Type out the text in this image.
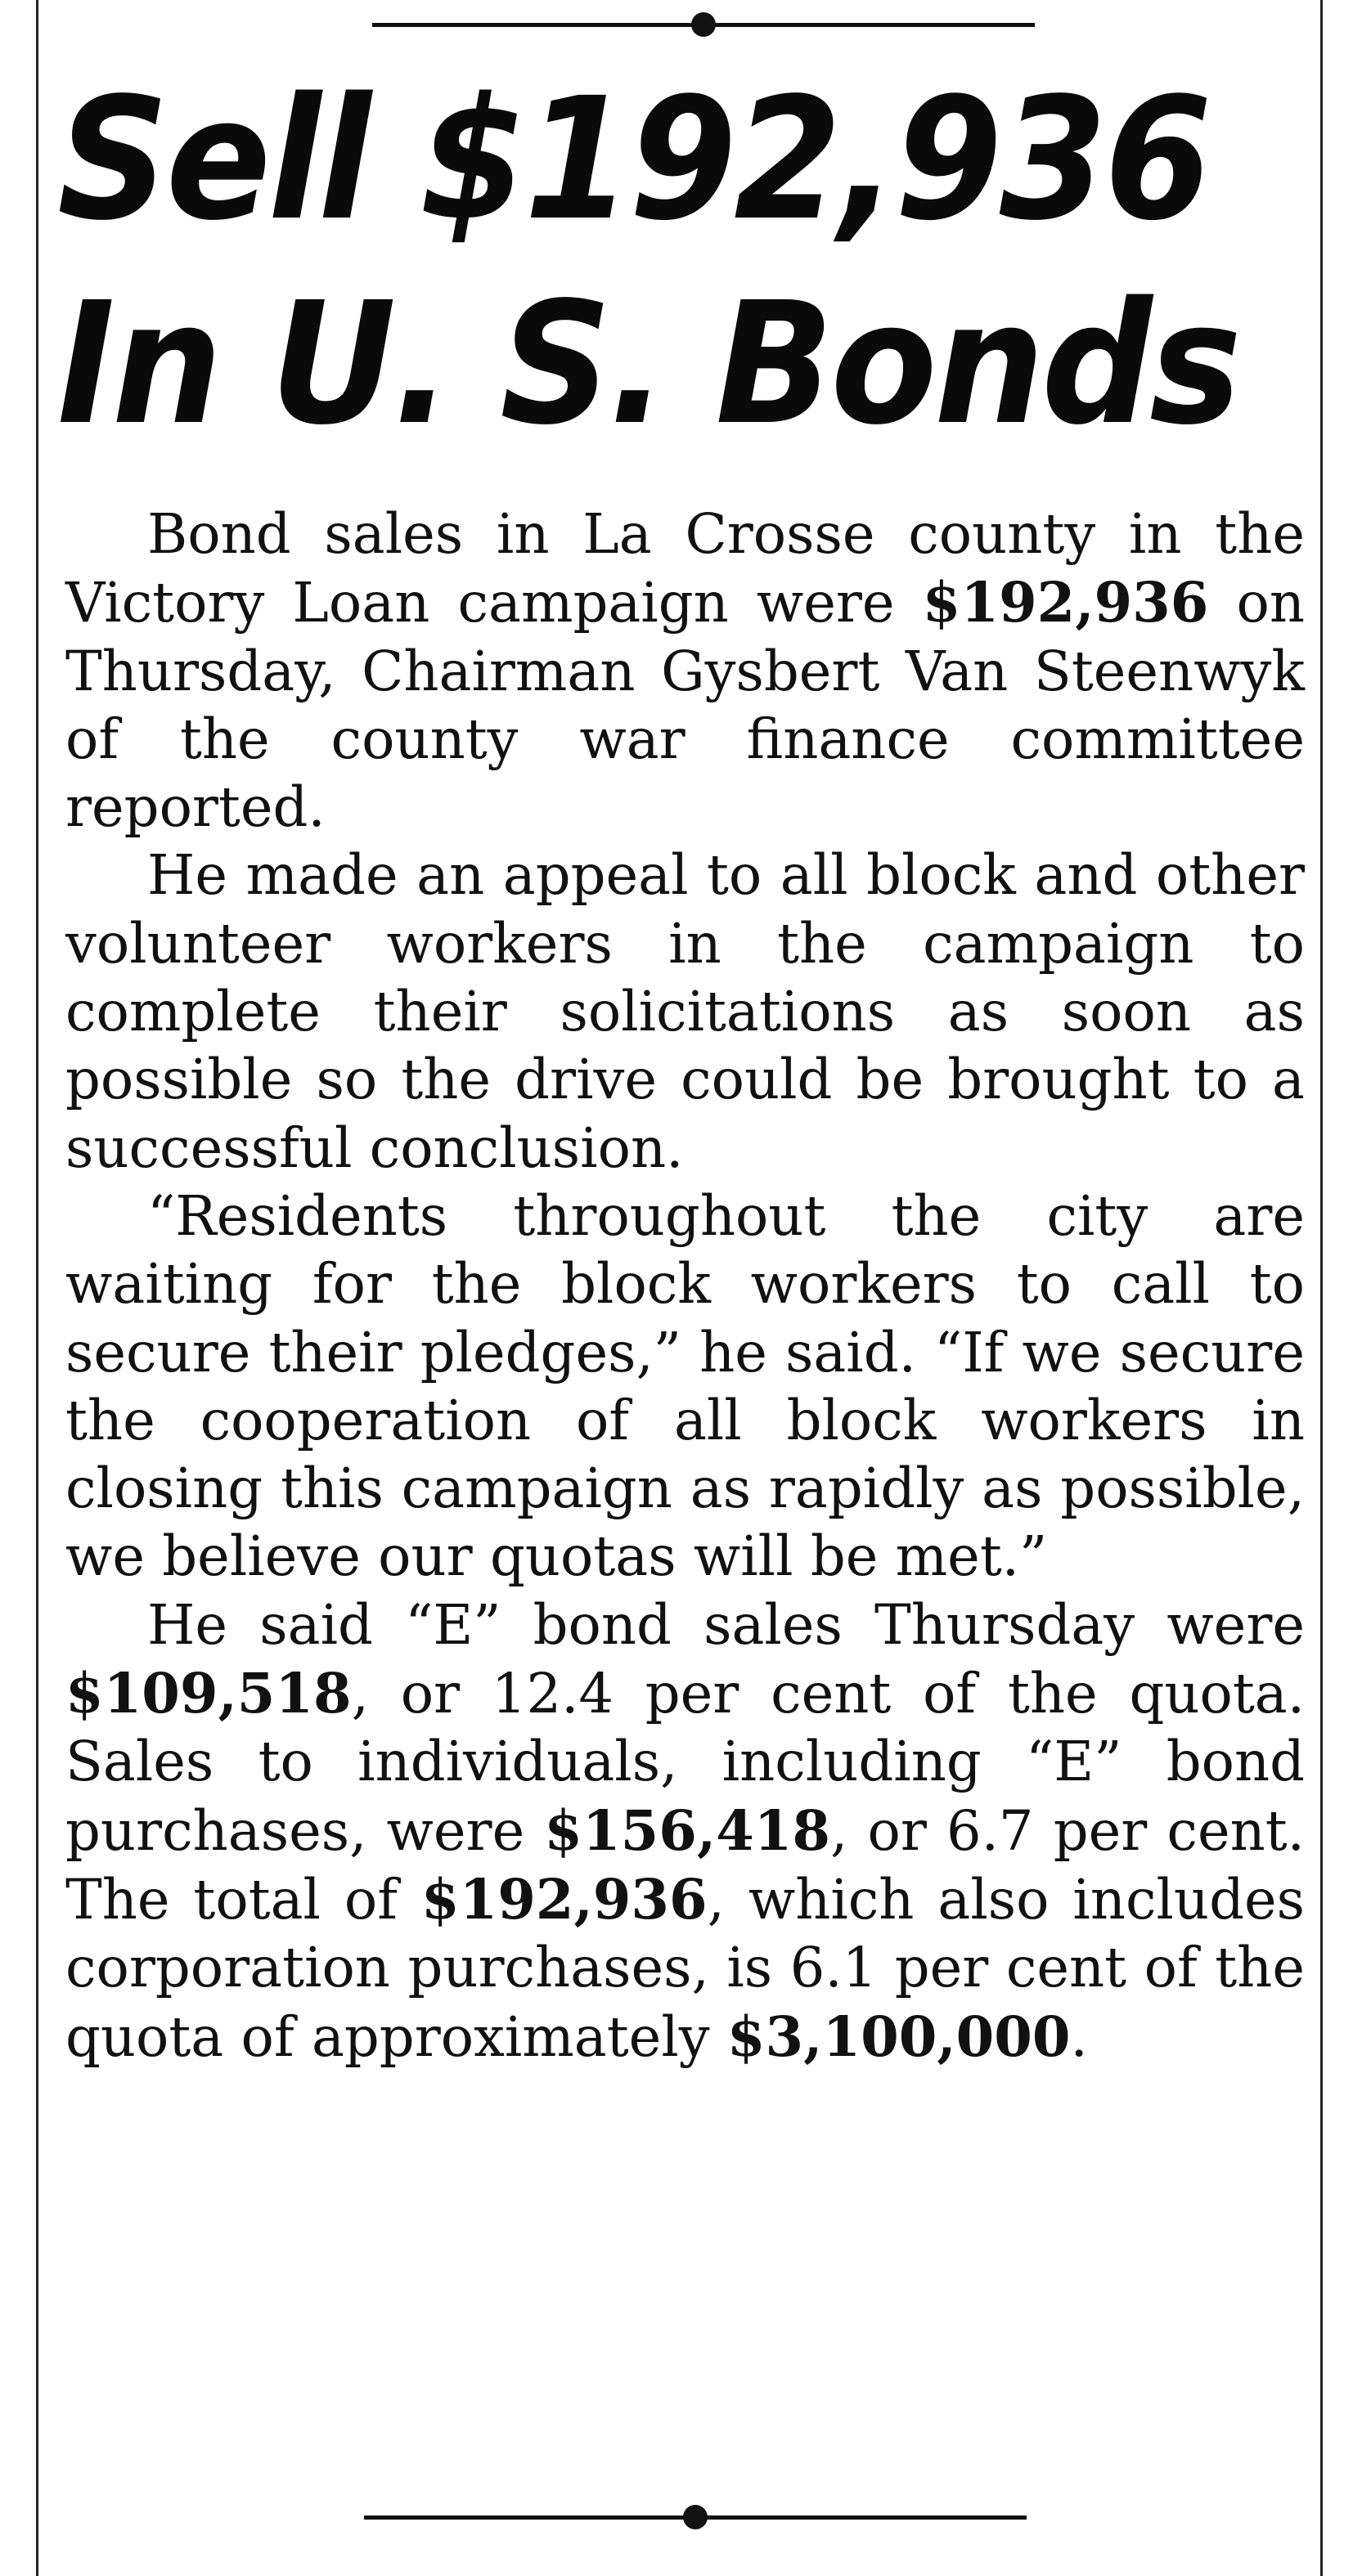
Sell $192,936
In U. S. Bonds

Bond sales in La Crosse county in the Victory Loan campaign were $192,936 on Thursday, Chairman Gysbert Van Steenwyk of the county war finance committee reported.

He made an appeal to all block and other volunteer workers in the campaign to complete their solicitations as soon as possible so the drive could be brought to a successful conclusion.

“Residents throughout the city are waiting for the block workers to call to secure their pledges,” he said. “If we secure the cooperation of all block workers in closing this campaign as rapidly as possible, we believe our quotas will be met.”

He said “E” bond sales Thursday were $109,518, or 12.4 per cent of the quota. Sales to individuals, including “E” bond purchases, were $156,418, or 6.7 per cent. The total of $192,936, which also includes corporation purchases, is 6.1 per cent of the quota of approximately $3,100,000.
